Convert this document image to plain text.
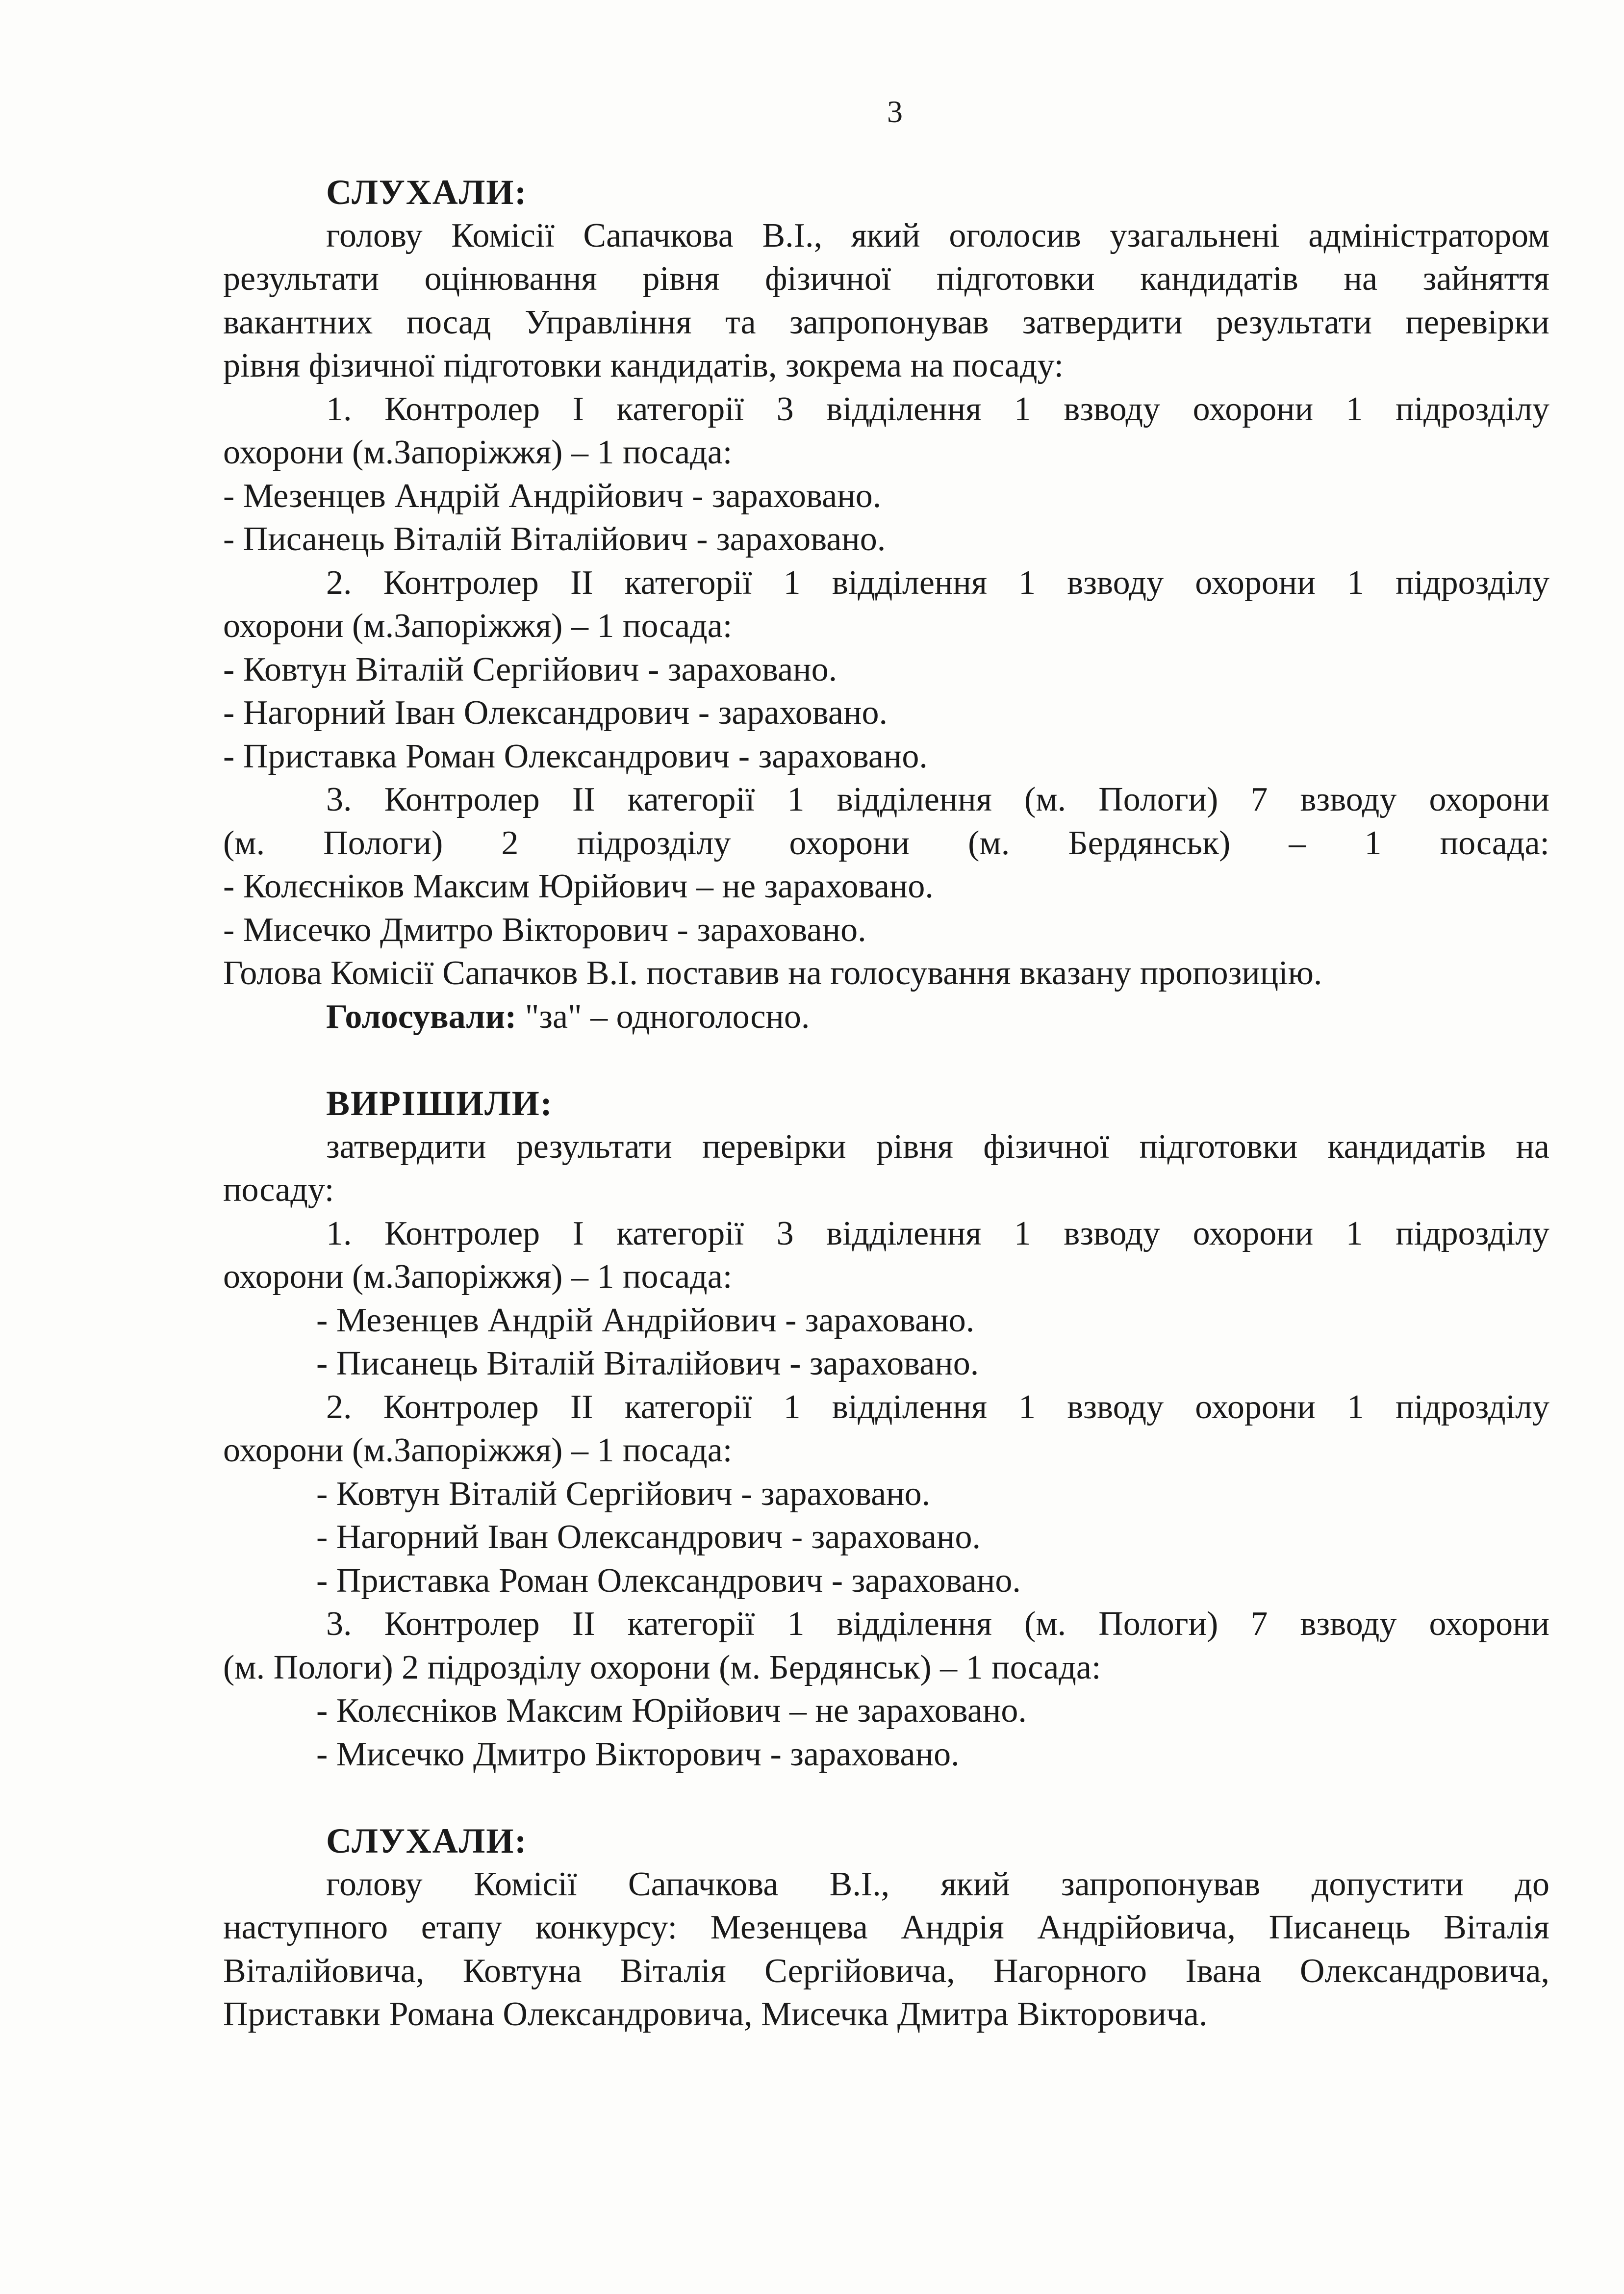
3

СЛУХАЛИ:

голову Комісії Сапачкова В.І., який оголосив узагальнені адміністратором

результати оцінювання рівня фізичної підготовки кандидатів на зайняття

вакантних посад Управління та запропонував затвердити результати перевірки

рівня фізичної підготовки кандидатів, зокрема на посаду:

1. Контролер І категорії 3 відділення 1 взводу охорони 1 підрозділу

охорони (м.Запоріжжя) – 1 посада:

- Мезенцев Андрій Андрійович - зараховано.

- Писанець Віталій Віталійович - зараховано.

2. Контролер ІІ категорії 1 відділення 1 взводу охорони 1 підрозділу

охорони (м.Запоріжжя) – 1 посада:

- Ковтун Віталій Сергійович - зараховано.

- Нагорний Іван Олександрович - зараховано.

- Приставка Роман Олександрович - зараховано.

3. Контролер ІІ категорії 1 відділення (м. Пологи) 7 взводу охорони

(м. Пологи) 2 підрозділу охорони (м. Бердянськ) – 1 посада:

- Колєсніков Максим Юрійович – не зараховано.

- Мисечко Дмитро Вікторович - зараховано.

Голова Комісії Сапачков В.І. поставив на голосування вказану пропозицію.

Голосували: "за" – одноголосно.

ВИРІШИЛИ:

затвердити результати перевірки рівня фізичної підготовки кандидатів на

посаду:

1. Контролер І категорії 3 відділення 1 взводу охорони 1 підрозділу

охорони (м.Запоріжжя) – 1 посада:

- Мезенцев Андрій Андрійович - зараховано.

- Писанець Віталій Віталійович - зараховано.

2. Контролер ІІ категорії 1 відділення 1 взводу охорони 1 підрозділу

охорони (м.Запоріжжя) – 1 посада:

- Ковтун Віталій Сергійович - зараховано.

- Нагорний Іван Олександрович - зараховано.

- Приставка Роман Олександрович - зараховано.

3. Контролер ІІ категорії 1 відділення (м. Пологи) 7 взводу охорони

(м. Пологи) 2 підрозділу охорони (м. Бердянськ) – 1 посада:

- Колєсніков Максим Юрійович – не зараховано.

- Мисечко Дмитро Вікторович - зараховано.

СЛУХАЛИ:

голову Комісії Сапачкова В.І., який запропонував допустити до

наступного етапу конкурсу: Мезенцева Андрія Андрійовича, Писанець Віталія

Віталійовича, Ковтуна Віталія Сергійовича, Нагорного Івана Олександровича,

Приставки Романа Олександровича, Мисечка Дмитра Вікторовича.
